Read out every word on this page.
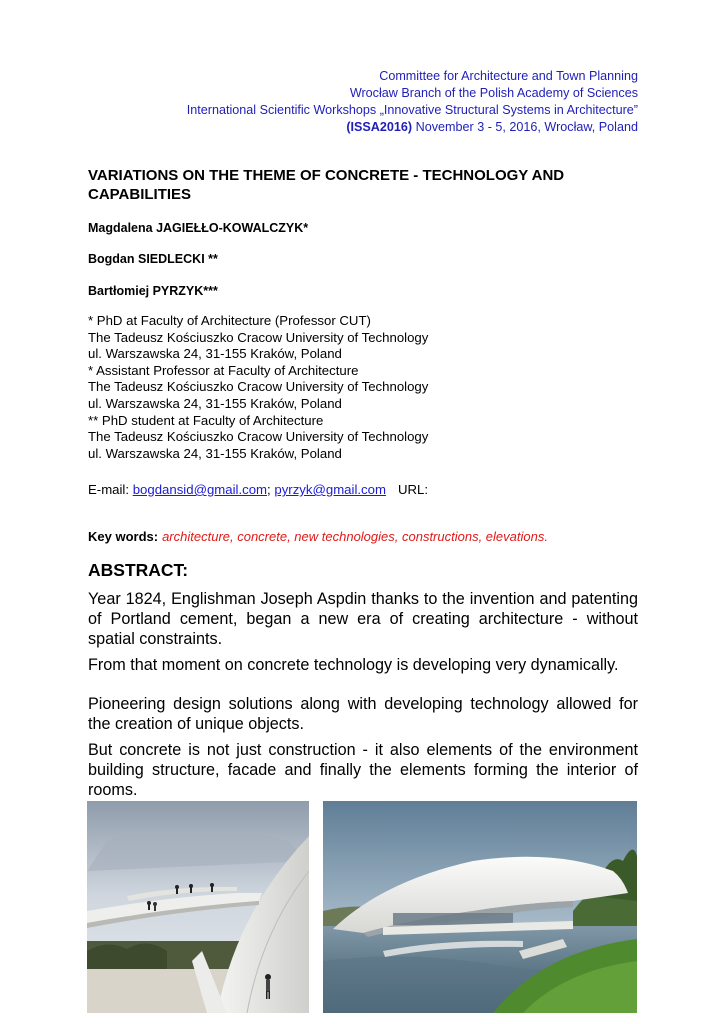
Committee for Architecture and Town Planning
Wrocław Branch of the Polish Academy of Sciences
International Scientific Workshops „Innovative Structural Systems in Architecture”
(ISSA2016) November 3 - 5, 2016, Wrocław, Poland
VARIATIONS ON THE THEME OF CONCRETE - TECHNOLOGY AND CAPABILITIES
Magdalena JAGIEŁŁO-KOWALCZYK*
Bogdan SIEDLECKI **
Bartłomiej PYRZYK***
* PhD at Faculty of Architecture (Professor CUT)
The Tadeusz Kościuszko Cracow University of Technology
ul. Warszawska 24, 31-155 Kraków, Poland
* Assistant Professor at Faculty of Architecture
The Tadeusz Kościuszko Cracow University of Technology
ul. Warszawska 24, 31-155 Kraków, Poland
** PhD student at Faculty of Architecture
The Tadeusz Kościuszko Cracow University of Technology
ul. Warszawska 24, 31-155 Kraków, Poland
E-mail: bogdansid@gmail.com; pyrzyk@gmail.com URL:
Key words: architecture, concrete, new technologies, constructions, elevations.
ABSTRACT:

Year 1824, Englishman Joseph Aspdin thanks to the invention and patenting of Portland cement, began a new era of creating architecture - without spatial constraints.

From that moment on concrete technology is developing very dynamically.

Pioneering design solutions along with developing technology allowed for the creation of unique objects.

But concrete is not just construction - it also elements of the environment building structure, facade and finally the elements forming the interior of rooms.
